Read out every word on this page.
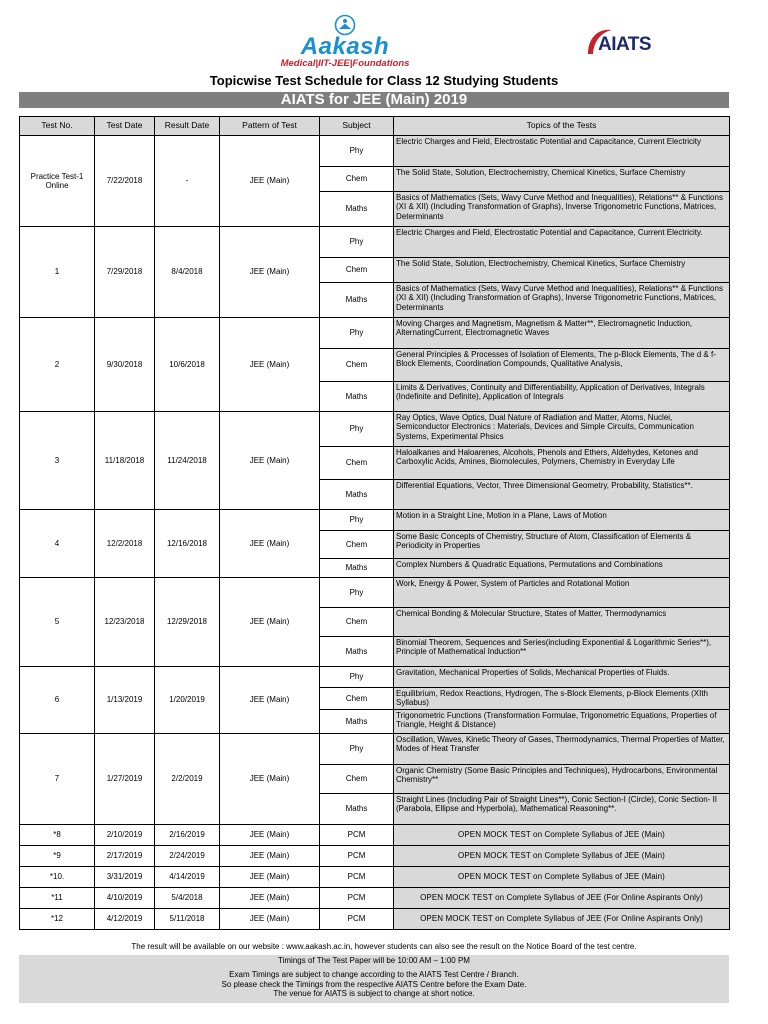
Aakash
Medical|IIT-JEE|Foundations
AIATS
Topicwise Test Schedule for Class 12 Studying Students
AIATS for JEE (Main) 2019
Test No.	Test Date	Result Date	Pattern of Test	Subject	Topics of the Tests
Practice Test-1 Online	7/22/2018	-	JEE (Main)	Phy	Electric Charges and Field, Electrostatic Potential and Capacitance, Current Electricity
				Chem	The Solid State, Solution, Electrochemistry, Chemical Kinetics, Surface Chemistry
				Maths	Basics of Mathematics (Sets, Wavy Curve Method and Inequalities), Relations** & Functions (XI & XII) (Including Transformation of Graphs), Inverse Trigonometric Functions, Matrices, Determinants
1	7/29/2018	8/4/2018	JEE (Main)	Phy	Electric Charges and Field, Electrostatic Potential and Capacitance, Current Electricity.
				Chem	The Solid State, Solution, Electrochemistry, Chemical Kinetics, Surface Chemistry
				Maths	Basics of Mathematics (Sets, Wavy Curve Method and Inequalities), Relations** & Functions (XI & XII) (Including Transformation of Graphs), Inverse Trigonometric Functions, Matrices, Determinants
2	9/30/2018	10/6/2018	JEE (Main)	Phy	Moving Charges and Magnetism, Magnetism & Matter**, Electromagnetic Induction, AlternatingCurrent, Electromagnetic Waves
				Chem	General Principles & Processes of Isolation of Elements, The p-Block Elements, The d & f- Block Elements, Coordination Compounds, Qualitative Analysis,
				Maths	Limits & Derivatives, Continuity and Differentiability, Application of Derivatives, Integrals (Indefinite and Definite), Application of Integrals
3	11/18/2018	11/24/2018	JEE (Main)	Phy	Ray Optics, Wave Optics, Dual Nature of Radiation and Matter, Atoms, Nuclei, Semiconductor Electronics : Materials, Devices and Simple Circuits, Communication Systems, Experimental Phsics
				Chem	Haloalkanes and Haloarenes, Alcohols, Phenols and Ethers, Aldehydes, Ketones and Carboxylic Acids, Amines, Biomolecules, Polymers, Chemistry in Everyday Life
				Maths	Differential Equations, Vector, Three Dimensional Geometry, Probability, Statistics**.
4	12/2/2018	12/16/2018	JEE (Main)	Phy	Motion in a Straight Line, Motion in a Plane, Laws of Motion
				Chem	Some Basic Concepts of Chemistry, Structure of Atom, Classification of Elements & Periodicity in Properties
				Maths	Complex Numbers & Quadratic Equations, Permutations and Combinations
5	12/23/2018	12/29/2018	JEE (Main)	Phy	Work, Energy & Power, System of Particles and Rotational Motion
				Chem	Chemical Bonding & Molecular Structure, States of Matter, Thermodynamics
				Maths	Binomial Theorem, Sequences and Series(including Exponential & Logarithmic Series**), Principle of Mathematical Induction**
6	1/13/2019	1/20/2019	JEE (Main)	Phy	Gravitation, Mechanical Properties of Solids, Mechanical Properties of Fluids.
				Chem	Equilibrium, Redox Reactions, Hydrogen, The s-Block Elements, p-Block Elements (XIth Syllabus)
				Maths	Trigonometric Functions (Transformation Formulae, Trigonometric Equations, Properties of Triangle, Height & Distance)
7	1/27/2019	2/2/2019	JEE (Main)	Phy	Oscillation, Waves, Kinetic Theory of Gases, Thermodynamics, Thermal Properties of Matter, Modes of Heat Transfer
				Chem	Organic Chemistry (Some Basic Principles and Techniques), Hydrocarbons, Environmental Chemistry**
				Maths	Straight Lines (Including Pair of Straight Lines**), Conic Section-I (Circle), Conic Section- II (Parabola, Ellipse and Hyperbola), Mathematical Reasoning**.
*8	2/10/2019	2/16/2019	JEE (Main)	PCM	OPEN MOCK TEST on Complete Syllabus of JEE (Main)
*9	2/17/2019	2/24/2019	JEE (Main)	PCM	OPEN MOCK TEST on Complete Syllabus of JEE (Main)
*10.	3/31/2019	4/14/2019	JEE (Main)	PCM	OPEN MOCK TEST on Complete Syllabus of JEE (Main)
*11	4/10/2019	5/4/2018	JEE (Main)	PCM	OPEN MOCK TEST on Complete Syllabus of JEE (For Online Aspirants Only)
*12	4/12/2019	5/11/2018	JEE (Main)	PCM	OPEN MOCK TEST on Complete Syllabus of JEE (For Online Aspirants Only)
The result will be available on our website : www.aakash.ac.in, however students can also see the result on the Notice Board of the test centre.
Timings of The Test Paper will be 10:00 AM – 1:00 PM
Exam Timings are subject to change according to the AIATS Test Centre / Branch.
So please check the Timings from the respective AIATS Centre before the Exam Date.
The venue for AIATS is subject to change at short notice.
